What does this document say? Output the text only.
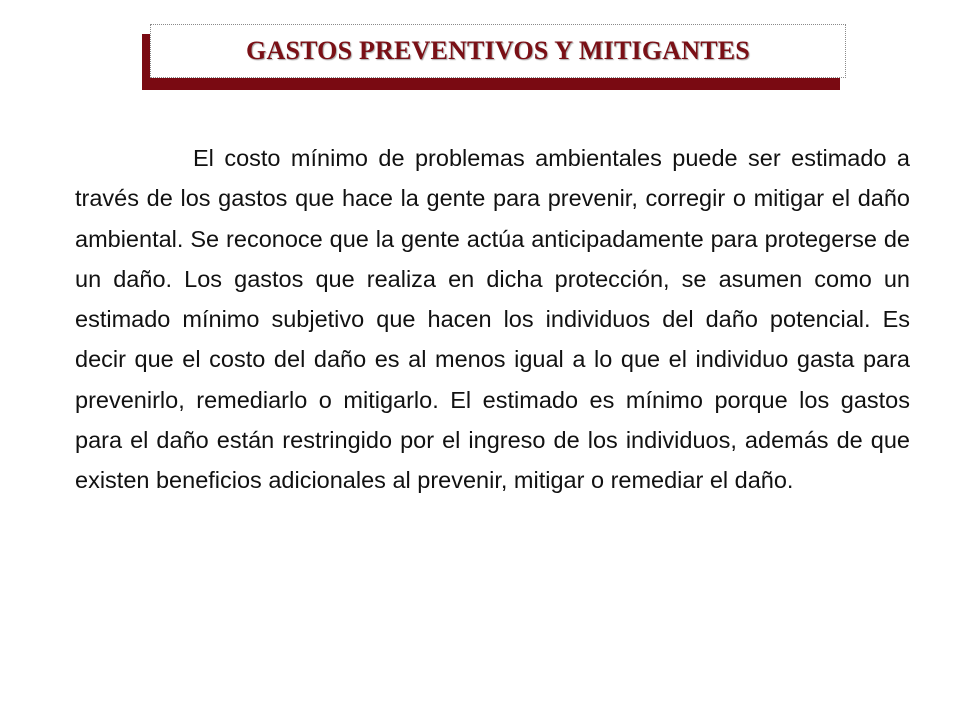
GASTOS PREVENTIVOS Y MITIGANTES

El costo mínimo de problemas ambientales puede ser estimado a través de los gastos que hace la gente para prevenir, corregir o mitigar el daño ambiental. Se reconoce que la gente actúa anticipadamente para protegerse de un daño. Los gastos que realiza en dicha protección, se asumen como un estimado mínimo subjetivo que hacen los individuos del daño potencial. Es decir que el costo del daño es al menos igual a lo que el individuo gasta para prevenirlo, remediarlo o mitigarlo. El estimado es mínimo porque los gastos para el daño están restringido por el ingreso de los individuos, además de que existen beneficios adicionales al prevenir, mitigar o remediar el daño.
